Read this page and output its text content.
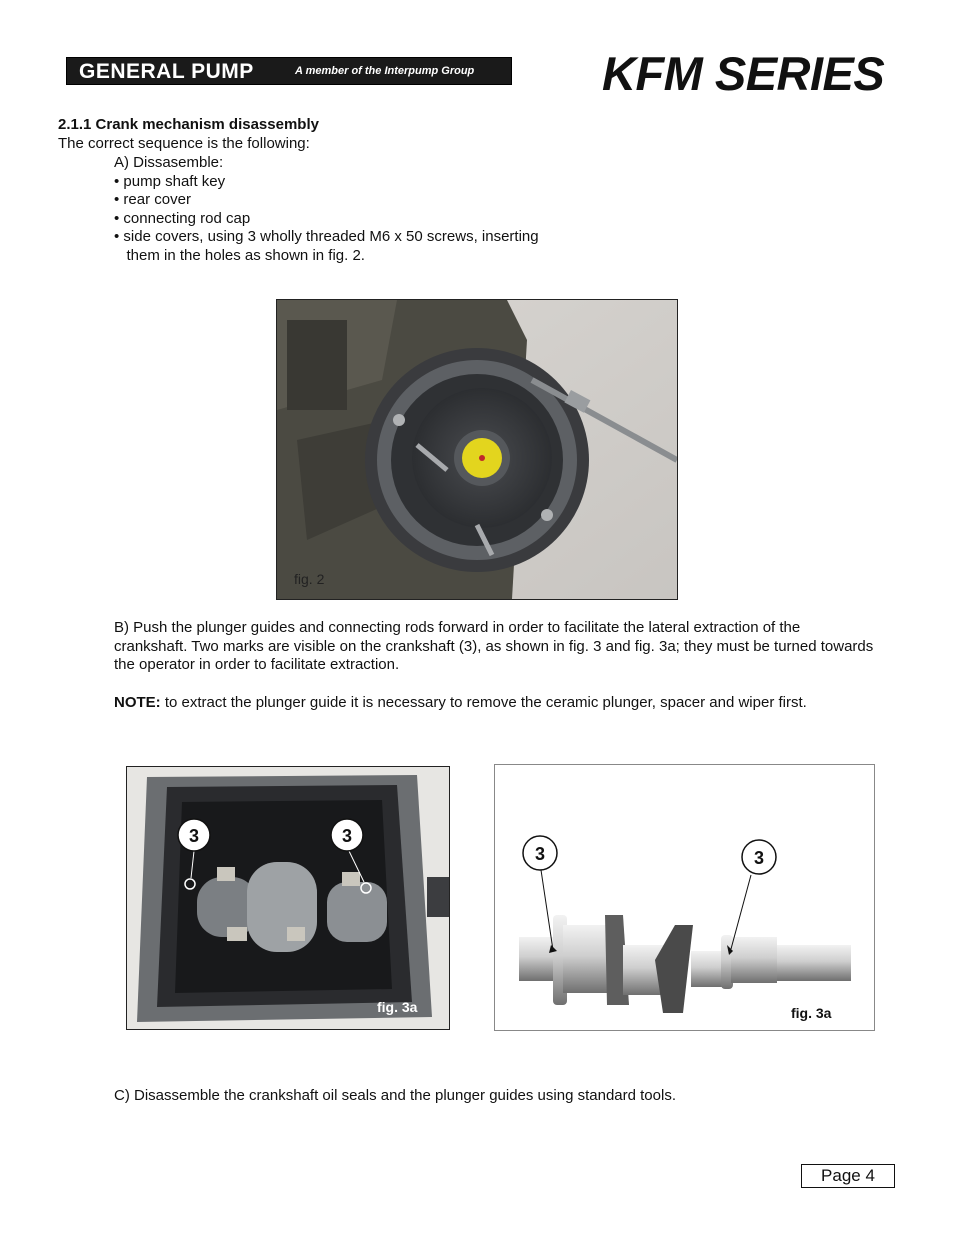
GENERAL PUMP	A member of the Interpump Group	KFM SERIES
2.1.1 Crank mechanism disassembly
The correct sequence is the following:
A) Dissasemble:
• pump shaft key
• rear cover
• connecting rod cap
• side covers, using 3 wholly threaded M6 x 50 screws, inserting
them in the holes as shown in fig. 2.
fig. 2
B) Push the plunger guides and connecting rods forward in order to facilitate the lateral extraction of the crankshaft. Two marks are visible on the crankshaft (3), as shown in fig. 3 and fig. 3a; they must be turned towards the operator in order to facilitate extraction.
NOTE: to extract the plunger guide it is necessary to remove the ceramic plunger, spacer and wiper first.
3	3
fig. 3a
3	3
fig. 3a
C) Disassemble the crankshaft oil seals and the plunger guides using standard tools.
Page 4
